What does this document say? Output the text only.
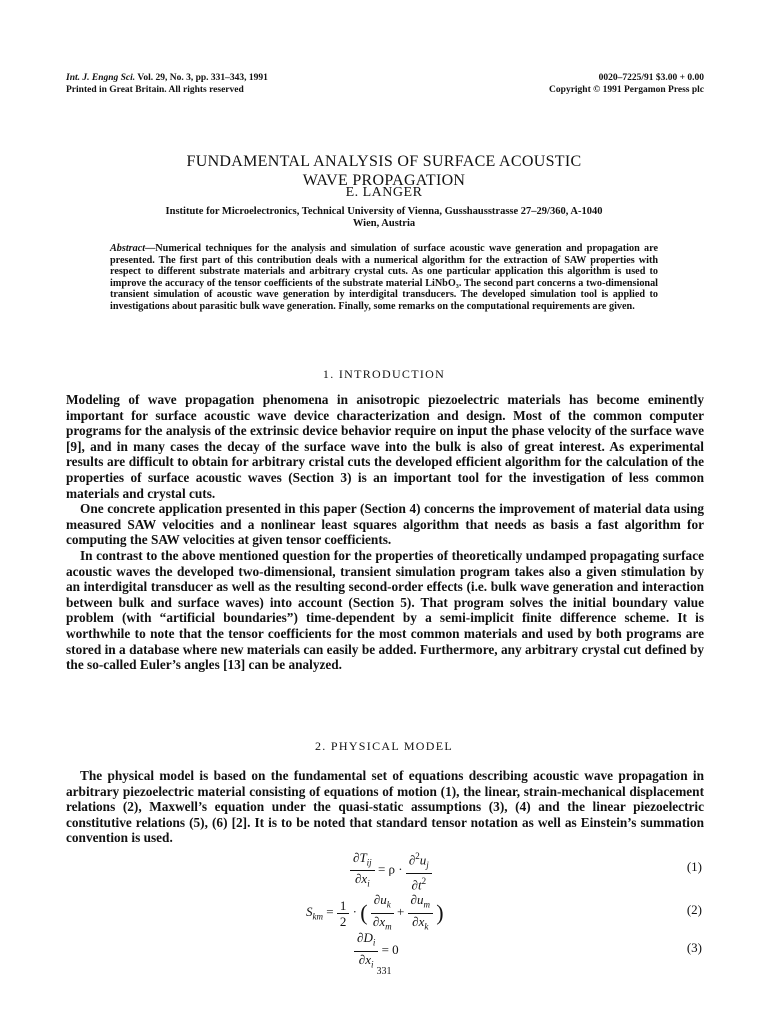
Int. J. Engng Sci. Vol. 29, No. 3, pp. 331–343, 1991
Printed in Great Britain. All rights reserved
0020–7225/91 $3.00 + 0.00
Copyright © 1991 Pergamon Press plc
FUNDAMENTAL ANALYSIS OF SURFACE ACOUSTIC
WAVE PROPAGATION
E. LANGER
Institute for Microelectronics, Technical University of Vienna, Gusshausstrasse 27–29/360, A-1040
Wien, Austria
Abstract—Numerical techniques for the analysis and simulation of surface acoustic wave generation and propagation are presented. The first part of this contribution deals with a numerical algorithm for the extraction of SAW properties with respect to different substrate materials and arbitrary crystal cuts. As one particular application this algorithm is used to improve the accuracy of the tensor coefficients of the substrate material LiNbO₃. The second part concerns a two-dimensional transient simulation of acoustic wave generation by interdigital transducers. The developed simulation tool is applied to investigations about parasitic bulk wave generation. Finally, some remarks on the computational requirements are given.
1. INTRODUCTION

Modeling of wave propagation phenomena in anisotropic piezoelectric materials has become eminently important for surface acoustic wave device characterization and design. Most of the common computer programs for the analysis of the extrinsic device behavior require on input the phase velocity of the surface wave [9], and in many cases the decay of the surface wave into the bulk is also of great interest. As experimental results are difficult to obtain for arbitrary cristal cuts the developed efficient algorithm for the calculation of the properties of surface acoustic waves (Section 3) is an important tool for the investigation of less common materials and crystal cuts.

One concrete application presented in this paper (Section 4) concerns the improvement of material data using measured SAW velocities and a nonlinear least squares algorithm that needs as basis a fast algorithm for computing the SAW velocities at given tensor coefficients.

In contrast to the above mentioned question for the properties of theoretically undamped propagating surface acoustic waves the developed two-dimensional, transient simulation program takes also a given stimulation by an interdigital transducer as well as the resulting second-order effects (i.e. bulk wave generation and interaction between bulk and surface waves) into account (Section 5). That program solves the initial boundary value problem (with “artificial boundaries”) time-dependent by a semi-implicit finite difference scheme. It is worthwhile to note that the tensor coefficients for the most common materials and used by both programs are stored in a database where new materials can easily be added. Furthermore, any arbitrary crystal cut defined by the so-called Euler’s angles [13] can be analyzed.

2. PHYSICAL MODEL

The physical model is based on the fundamental set of equations describing acoustic wave propagation in arbitrary piezoelectric material consisting of equations of motion (1), the linear, strain-mechanical displacement relations (2), Maxwell’s equation under the quasi-static assumptions (3), (4) and the linear piezoelectric constitutive relations (5), (6) [2]. It is to be noted that standard tensor notation as well as Einstein’s summation convention is used.

$\frac{\partial T_{ij}}{\partial x_i} = \rho \cdot \frac{\partial^2u_j}{\partial t^2}$	(1)
$S_{km} = \frac{1}{2}$ · ( $\frac{\partial u_k}{\partial x_m} + \frac{\partial u_m}{\partial x_k}$ )	(2)
$\frac{\partial D_i}{\partial x_i} = 0$	(3)
331
